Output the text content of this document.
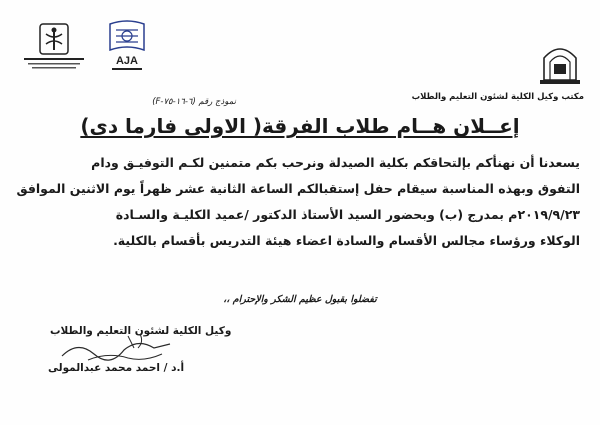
AJA
مكتب وكيل الكلية لشئون التعليم والطلاب
نموذج رقم (٦-١٦-٧٥-F)
إعــلان هــام طلاب الفرقة( الاولى فارما دى)
يسعدنا أن نهنأكم بإلتحاقكم بكلية الصيدلة ونرحب بكم متمنين لكـم التوفيـق ودام
التفوق وبهذه المناسبة سيقام حفل إستقبالكم الساعة الثانية عشر ظهراً يوم الاثنين الموافق
٢٠١٩/٩/٢٣م بمدرج (ب) وبحضور السيد الأستاذ الدكتور /عميد الكليـة والسـادة
الوكلاء ورؤساء مجالس الأقسام والسادة اعضاء هيئة التدريس بأقسام بالكلية.
تفضلوا بقبول عظيم الشكر والإحترام ،،
وكيل الكلية لشئون التعليم والطلاب
أ.د / احمد محمد عبدالمولى
